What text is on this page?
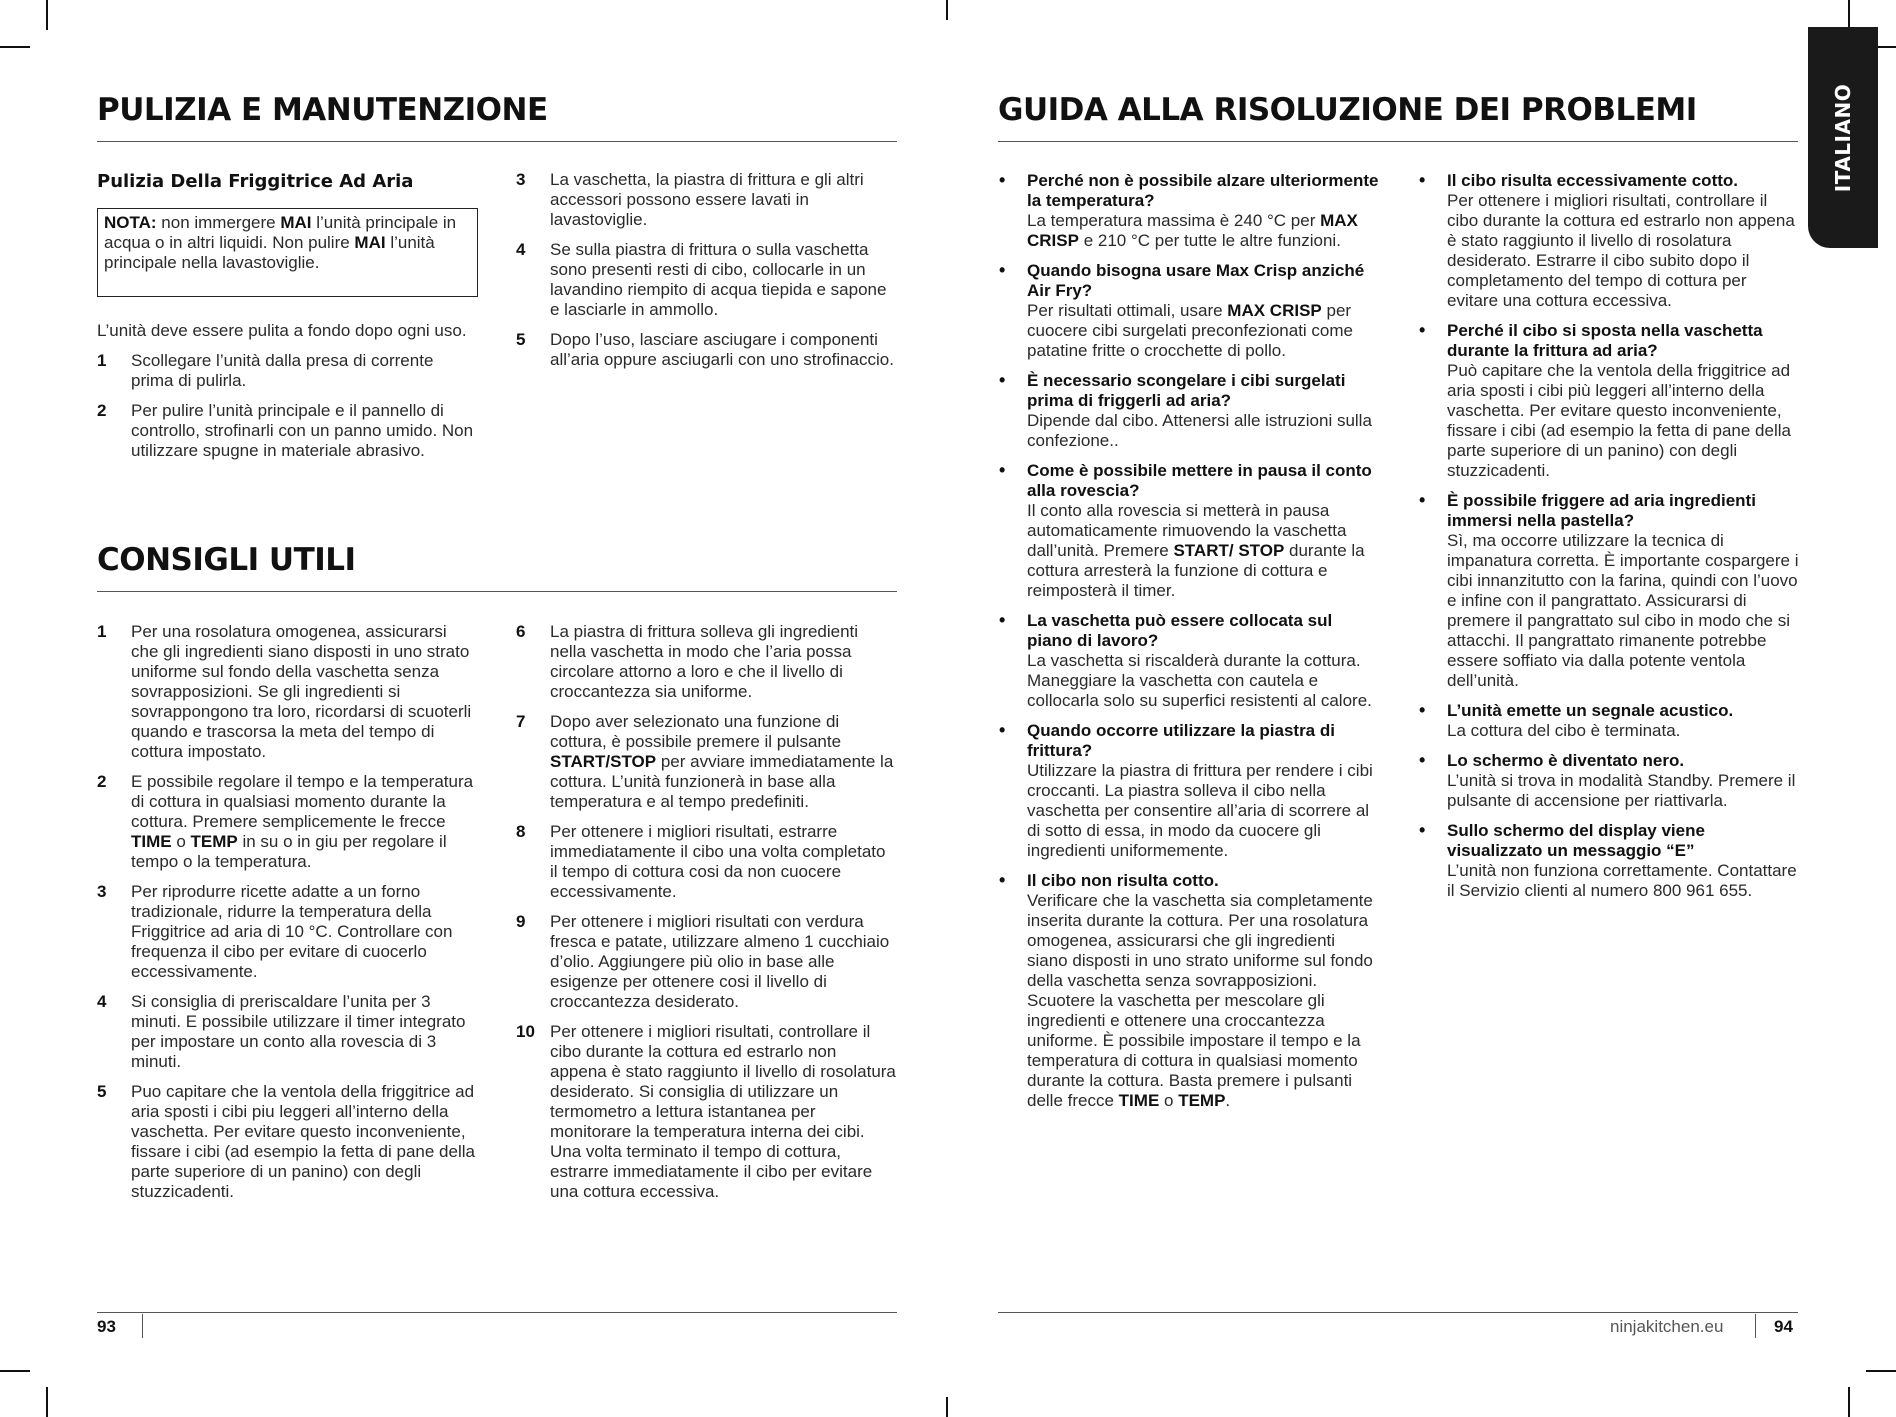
ITALIANO
PULIZIA E MANUTENZIONE
Pulizia Della Friggitrice Ad Aria
NOTA: non immergere MAI l’unità principale in acqua o in altri liquidi. Non pulire MAI l’unità principale nella lavastoviglie.

L’unità deve essere pulita a fondo dopo ogni uso.

1 Scollegare l’unità dalla presa di corrente prima di pulirla.
2 Per pulire l’unità principale e il pannello di controllo, strofinarli con un panno umido. Non utilizzare spugne in materiale abrasivo.
3 La vaschetta, la piastra di frittura e gli altri accessori possono essere lavati in lavastoviglie.
4 Se sulla piastra di frittura o sulla vaschetta sono presenti resti di cibo, collocarle in un lavandino riempito di acqua tiepida e sapone e lasciarle in ammollo.
5 Dopo l’uso, lasciare asciugare i componenti all’aria oppure asciugarli con uno strofinaccio.
CONSIGLI UTILI
1 Per una rosolatura omogenea, assicurarsi che gli ingredienti siano disposti in uno strato uniforme sul fondo della vaschetta senza sovrapposizioni. Se gli ingredienti si sovrappongono tra loro, ricordarsi di scuoterli quando e trascorsa la meta del tempo di cottura impostato.
2 E possibile regolare il tempo e la temperatura di cottura in qualsiasi momento durante la cottura. Premere semplicemente le frecce TIME o TEMP in su o in giu per regolare il tempo o la temperatura.
3 Per riprodurre ricette adatte a un forno tradizionale, ridurre la temperatura della Friggitrice ad aria di 10 °C. Controllare con frequenza il cibo per evitare di cuocerlo eccessivamente.
4 Si consiglia di preriscaldare l’unita per 3 minuti. E possibile utilizzare il timer integrato per impostare un conto alla rovescia di 3 minuti.
5 Puo capitare che la ventola della friggitrice ad aria sposti i cibi piu leggeri all’interno della vaschetta. Per evitare questo inconveniente, fissare i cibi (ad esempio la fetta di pane della parte superiore di un panino) con degli stuzzicadenti.
6 La piastra di frittura solleva gli ingredienti nella vaschetta in modo che l’aria possa circolare attorno a loro e che il livello di croccantezza sia uniforme.
7 Dopo aver selezionato una funzione di cottura, è possibile premere il pulsante START/STOP per avviare immediatamente la cottura. L’unità funzionerà in base alla temperatura e al tempo predefiniti.
8 Per ottenere i migliori risultati, estrarre immediatamente il cibo una volta completato il tempo di cottura cosi da non cuocere eccessivamente.
9 Per ottenere i migliori risultati con verdura fresca e patate, utilizzare almeno 1 cucchiaio d’olio. Aggiungere più olio in base alle esigenze per ottenere cosi il livello di croccantezza desiderato.
10 Per ottenere i migliori risultati, controllare il cibo durante la cottura ed estrarlo non appena è stato raggiunto il livello di rosolatura desiderato. Si consiglia di utilizzare un termometro a lettura istantanea per monitorare la temperatura interna dei cibi. Una volta terminato il tempo di cottura, estrarre immediatamente il cibo per evitare una cottura eccessiva.
93
GUIDA ALLA RISOLUZIONE DEI PROBLEMI
• Perché non è possibile alzare ulteriormente la temperatura?
La temperatura massima è 240 °C per MAX CRISP e 210 °C per tutte le altre funzioni.
• Quando bisogna usare Max Crisp anziché Air Fry?
Per risultati ottimali, usare MAX CRISP per cuocere cibi surgelati preconfezionati come patatine fritte o crocchette di pollo.
• È necessario scongelare i cibi surgelati prima di friggerli ad aria?
Dipende dal cibo. Attenersi alle istruzioni sulla confezione..
• Come è possibile mettere in pausa il conto alla rovescia?
Il conto alla rovescia si metterà in pausa automaticamente rimuovendo la vaschetta dall’unità. Premere START/ STOP durante la cottura arresterà la funzione di cottura e reimposterà il timer.
• La vaschetta può essere collocata sul piano di lavoro?
La vaschetta si riscalderà durante la cottura. Maneggiare la vaschetta con cautela e collocarla solo su superfici resistenti al calore.
• Quando occorre utilizzare la piastra di frittura?
Utilizzare la piastra di frittura per rendere i cibi croccanti. La piastra solleva il cibo nella vaschetta per consentire all’aria di scorrere al di sotto di essa, in modo da cuocere gli ingredienti uniformemente.
• Il cibo non risulta cotto.
Verificare che la vaschetta sia completamente inserita durante la cottura. Per una rosolatura omogenea, assicurarsi che gli ingredienti siano disposti in uno strato uniforme sul fondo della vaschetta senza sovrapposizioni. Scuotere la vaschetta per mescolare gli ingredienti e ottenere una croccantezza uniforme. È possibile impostare il tempo e la temperatura di cottura in qualsiasi momento durante la cottura. Basta premere i pulsanti delle frecce TIME o TEMP.
• Il cibo risulta eccessivamente cotto.
Per ottenere i migliori risultati, controllare il cibo durante la cottura ed estrarlo non appena è stato raggiunto il livello di rosolatura desiderato. Estrarre il cibo subito dopo il completamento del tempo di cottura per evitare una cottura eccessiva.
• Perché il cibo si sposta nella vaschetta durante la frittura ad aria?
Può capitare che la ventola della friggitrice ad aria sposti i cibi più leggeri all’interno della vaschetta. Per evitare questo inconveniente, fissare i cibi (ad esempio la fetta di pane della parte superiore di un panino) con degli stuzzicadenti.
• È possibile friggere ad aria ingredienti immersi nella pastella?
Sì, ma occorre utilizzare la tecnica di impanatura corretta. È importante cospargere i cibi innanzitutto con la farina, quindi con l’uovo e infine con il pangrattato. Assicurarsi di premere il pangrattato sul cibo in modo che si attacchi. Il pangrattato rimanente potrebbe essere soffiato via dalla potente ventola dell’unità.
• L’unità emette un segnale acustico.
La cottura del cibo è terminata.
• Lo schermo è diventato nero.
L’unità si trova in modalità Standby. Premere il pulsante di accensione per riattivarla.
• Sullo schermo del display viene visualizzato un messaggio “E”
L’unità non funziona correttamente. Contattare il Servizio clienti al numero 800 961 655.
ninjakitchen.eu	94
